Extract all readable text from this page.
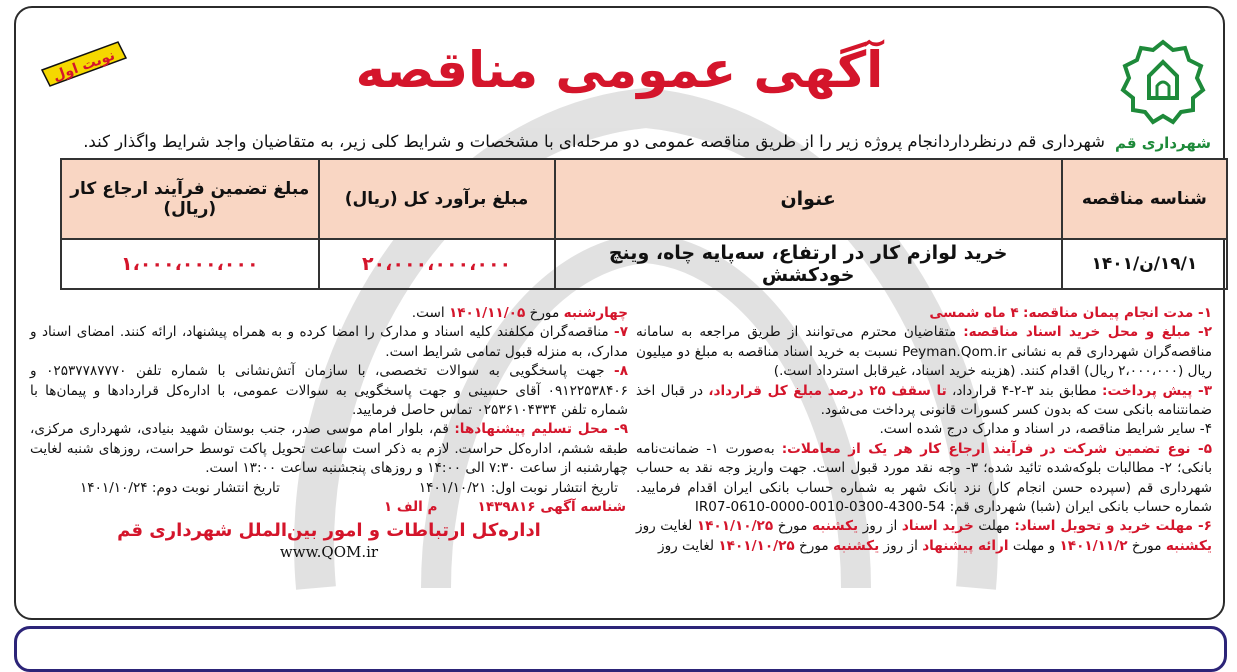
نوبت اول	آگهی عمومی مناقصه
شهرداری قم
شهرداری قم درنظرداردانجام پروژه زیر را از طریق مناقصه عمومی دو مرحله‌ای با مشخصات و شرایط کلی زیر، به متقاضیان واجد شرایط واگذار کند.
شناسه مناقصه	عنوان	مبلغ برآورد کل (ریال)	مبلغ تضمین فرآیند ارجاع کار (ریال)
۱۹/۱/ن/۱۴۰۱	خرید لوازم کار در ارتفاع، سه‌پایه چاه، وینچ خودکشش	۲۰،۰۰۰،۰۰۰،۰۰۰	۱،۰۰۰،۰۰۰،۰۰۰

۱- مدت انجام پیمان مناقصه: ۴ ماه شمسی

۲- مبلغ و محل خرید اسناد مناقصه: متقاضیان محترم می‌توانند از طریق مراجعه به سامانه مناقصه‌گران شهرداری قم به نشانی Peyman.Qom.ir نسبت به خرید اسناد مناقصه به مبلغ دو میلیون ریال (۲،۰۰۰،۰۰۰ ریال) اقدام کنند. (هزینه خرید اسناد، غیرقابل استرداد است.)

۳- پیش پرداخت: مطابق بند ۳-۲-۴ قرارداد، تا سقف ۲۵ درصد مبلغ کل قرارداد، در قبال اخذ ضمانتنامه بانکی ست که بدون کسر کسورات قانونی پرداخت می‌شود.

۴- سایر شرایط مناقصه، در اسناد و مدارک درج شده است.

۵- نوع تضمین شرکت در فرآیند ارجاع کار هر یک از معاملات: به‌صورت ۱- ضمانت‌نامه بانکی؛ ۲- مطالبات بلوکه‌شده تائید شده؛ ۳- وجه نقد مورد قبول است. جهت واریز وجه نقد به حساب شهرداری قم (سپرده حسن انجام کار) نزد بانک شهر به شماره حساب بانکی ایران اقدام فرمایید. شماره حساب بانکی ایران (شبا) شهرداری قم: IR07-0610-0000-0010-0300-4300-54

۶- مهلت خرید و تحویل اسناد: مهلت خرید اسناد از روز یکشنبه مورخ ۱۴۰۱/۱۰/۲۵ لغایت روز یکشنبه مورخ ۱۴۰۱/۱۱/۲ و مهلت ارائه پیشنهاد از روز یکشنبه مورخ ۱۴۰۱/۱۰/۲۵ لغایت روز

چهارشنبه مورخ ۱۴۰۱/۱۱/۰۵ است.

۷- مناقصه‌گران مکلفند کلیه اسناد و مدارک را امضا کرده و به همراه پیشنهاد، ارائه کنند. امضای اسناد و مدارک، به منزله قبول تمامی شرایط است.

۸- جهت پاسخگویی به سوالات تخصصی، با سازمان آتش‌نشانی با شماره تلفن ۰۲۵۳۷۷۸۷۷۷۰ و ۰۹۱۲۲۵۳۸۴۰۶ آقای حسینی و جهت پاسخگویی به سوالات عمومی، با اداره‌کل قراردادها و پیمان‌ها با شماره تلفن ۰۲۵۳۶۱۰۴۳۳۴ تماس حاصل فرمایید.

۹- محل تسلیم پیشنهادها: قم، بلوار امام موسی صدر، جنب بوستان شهید بنیادی، شهرداری مرکزی، طبقه ششم، اداره‌کل حراست. لازم به ذکر است ساعت تحویل پاکت توسط حراست، روزهای شنبه لغایت چهارشنبه از ساعت ۷:۳۰ الی ۱۴:۰۰ و روزهای پنجشنبه ساعت ۱۳:۰۰ است.

تاریخ انتشار نوبت اول: ۱۴۰۱/۱۰/۲۱
تاریخ انتشار نوبت دوم: ۱۴۰۱/۱۰/۲۴
شناسه آگهی ۱۴۳۹۸۱۶
م الف ۱
اداره‌کل ارتباطات و امور بین‌الملل شهرداری قم
www.QOM.ir
